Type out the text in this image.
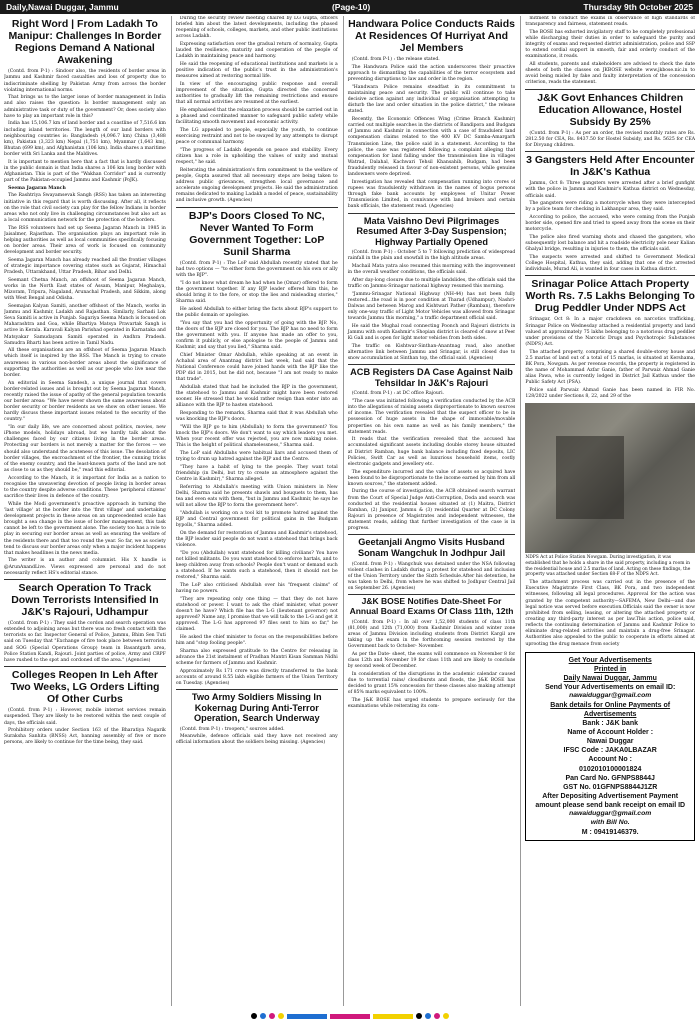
Daily,Nawai Duggar, Jammu	(Page-10)	Thursday 9th October 2025
Right Word | From Ladakh To Manipur: Challenges In Border Regions Demand A National Awakening

(Contd. from P-1) : Sindoor also, the residents of border areas in Jammu and Kashmir faced casualties and loss of property due to indiscriminate shelling by Pakistan Army from across the border violating international norms.

That brings us to the larger issue of border management in India and also raises the question: Is border management only an administrative task or duty of the government? Or, does society also have to play an important role in this?

India has 15,106.7 km of land border and a coastline of 7,516.6 km including island territories. The length of our land borders with neighbouring countries is: Bangladesh (4,096.7 km) China (3,488 km), Pakistan (3,323 km) Nepal (1,751 km), Myanmar (1,643 km), Bhutan (699 km), and Afghanistan (106 km). India shares a maritime border with Sri Lanka and the Maldives.

It is important to mention here that a fact that is hardly discussed in the public domain is that India shares a 106 km long border with Afghanistan. This is part of the "Wakhan Corridor" and is currently part of the Pakistan-occupied Jammu and Kashmir (PoJK).

Seema Jagaran Manch

The Rashtriya Swayamsevak Sangh (RSS) has taken an interesting initiative in this regard that is worth discussing. After all, it reflects on the role that civil society can play for the fellow Indians in border areas who not only live in challenging circumstances but also act as a local communication network for the protection of the borders.

The RSS volunteers had set up Seema Jagaran Manch in 1985 in Jaisalmer, Rajasthan. The organisation plays an important role in helping authorities as well as local communities specifically focusing on border areas. Their area of work is focused on community development and border security.

Seema Jagaran Manch has already reached all the frontier villages of strategic importance covering states such as Gujarat, Himachal Pradesh, Uttarakhand, Uttar Pradesh, Bihar and Delhi.

Seemant Chetna Manch, an offshoot of Seema Jagaran Manch, works in the North East states of Assam, Manipur, Meghalaya, Mizoram, Tripura, Nagaland, Arunachal Pradesh, and Sikkim, along with West Bengal and Odisha.

Seemajan Kalyan Samiti, another offshoot of the Manch, works in Jammu and Kashmir, Ladakh and Rajasthan. Similarly, Sarhadi Lok Seva Samiti is active in Punjab. Sagariya Seema Manch is focused on Maharashtra and Goa, while Bhartiya Matsya Pravartak Sangh is active in Kerala. Karavali Kalyan Parishad operated in Karnataka and Matsyakar Samudayam Samiti operated in Andhra Pradesh. Samudra Bharti has been active in Tamil Nadu.

All these organisations are an offshoot of Seema Jagaran Manch which itself is inspired by the RSS. The Manch is trying to create awareness in various non-border areas about the significance of supporting the authorities as well as our people who live near the border.

An editorial in Seema Sandesh, a unique journal that covers border-related issues and is brought out by Seema Jagaran Manch, recently raised the issue of apathy of the general population towards our border areas: "We have never shown the same awareness about border security or border residents as we show on other issues. We hardly discuss these important issues related to the security of the country."

"In our daily life, we are concerned about politics, movies, new iPhone models, holidays abroad, but we hardly talk about the challenges faced by our citizens living in the border areas. Protecting our borders is not merely a matter for the forces — we should also understand the acuteness of this issue. The desolation of border villages, the encroachment of the frontier, the cunning tricks of the enemy country, and the least-known parts of the land are not as close to us as they should be," read this editorial.

According to the Manch, it is important for India as a nation to recognise the unwavering devotion of people living in border areas to the country despite adverse conditions. These 'peripheral citizens' sacrifice their lives in defence of the country.

While the Modi government's proactive approach in turning the 'last village' at the border into the 'first village' and undertaking development projects in these areas on an unprecedented scale has brought a sea change in the issue of border management, this task cannot be left to the government alone. The society too has a role to play in securing our border areas as well as ensuring the welfare of the residents there and that too round the year. So far, we as society tend to discuss our border areas only when a major incident happens that makes headlines in the news media.

The writer is an author and columnist. His X handle is @ArunAnandLive. Views expressed are personal and do not necessarily reflect HS's editorial stance.

Search Operation To Track Down Terrorists Intensified In J&K's Rajouri, Udhampur

(Contd. from P-1) : They said the cordon and search operation was extended to adjoining areas but there was no fresh contact with the terrorists so far. Inspector General of Police, Jammu, Bhim Sen Tuti said on Tuesday that "Exchange of fire took place between terrorists and SOG (Special Operations Group) team in Basantgarh area, Police Station Kandi, Rajouri. Joint parties of police, Army and CRPF have rushed to the spot and cordoned off the area." (Agencies)

Colleges Reopen In Leh After Two Weeks, LG Orders Lifting Of Other Curbs

(Contd. from P-1) : However, mobile internet services remain suspended. They are likely to be restored within the next couple of days, the officials said.

Prohibitory orders under Section 163 of the Bharatiya Nagarik Suraksha Sanhita (BNSS) Act, banning assembly of five or more persons, are likely to continue for the time being, they said.

During the security review meeting chaired by LG Gupta, officers briefed him about the latest developments, including the phased reopening of schools, colleges, markets, and other public institutions across Ladakh.

Expressing satisfaction over the gradual return of normalcy, Gupta lauded the resilience, maturity and cooperation of the people of Ladakh in maintaining peace and harmony.

He said the reopening of educational institutions and markets is a positive indication of the public's trust in the administration's measures aimed at restoring normal life.

In view of the encouraging public response and overall improvement of the situation, Gupta directed the concerned authorities to gradually lift the remaining restrictions and ensure that all normal activities are resumed at the earliest.

He emphasised that the relaxation process should be carried out in a phased and coordinated manner to safeguard public safety while facilitating smooth movement and economic activity.

The LG appealed to people, especially the youth, to continue exercising restraint and not to be swayed by any attempts to disrupt peace or communal harmony.

"The progress of Ladakh depends on peace and stability. Every citizen has a role in upholding the values of unity and mutual respect," he said.

Reiterating the administration's firm commitment to the welfare of people, Gupta assured that all necessary steps are being taken to address public grievances, strengthen local governance and accelerate ongoing development projects. He said the administration remains dedicated to making Ladakh a model of peace, sustainability and inclusive growth. (Agencies)

BJP's Doors Closed To NC, Never Wanted To Form Government Together: LoP Sunil Sharma

(Contd. from P-1) : The LoP said Abdullah recently stated that he had two options — "to either form the government on his own or ally with the BJP".

"I do not know what dream he had when he (Omar) offered to form the government together. If any BJP leader offered him this, he should bring it to the fore, or stop the lies and misleading stories," Sharma said.

He asked Abdullah to either bring the facts about BJP's support to the public domain or apologise.

"You say that you had the opportunity of going with the BJP. No, the doors of the BJP are closed for you. The BJP has no need to form the government with you. If anyone has made an offer to you, confirm it publicly, or else apologise to the people of Jammu and Kashmir, and say that you lied," Sharma said.

Chief Minister Omar Abdullah, while speaking at an event in Achabal area of Anantnag district last week, had said that the National Conference could have joined hands with the BJP like the PDP did in 2015, but he did not, because "I am not ready to make that trade".

Abdullah stated that had he included the BJP in the government, the statehood to Jammu and Kashmir might have been restored sooner. He stressed that he would rather resign than enter into an alliance with the BJP to hasten statehood.

Responding to the remarks, Sharma said that it was Abdullah who was knocking the BJP's doors.

"Will the BJP go to him (Abdullah) to form the government? You knock the BJP's doors. We don't want to say which leaders you met. When your recent offer was rejected, you are now making noise. This is the height of political shamelessness," Sharma said.

The LoP said Abdullahs were habitual liars and accused them of trying to drum up hatred against the BJP and the Centre.

"They have a habit of lying to the people. They want total friendship (in Delhi, but try to create an atmosphere against the Centre in Kashmir)," Sharma alleged.

Referring to Abdullah's meeting with Union ministers in New Delhi, Sharma said he presents shawls and bouquets to them, has tea and even eats with them, "but in Jammu and Kashmir, he says he will not allow the BJP to form the government here".

"Abdullah is working on a tool kit to promote hatred against the BJP and Central government for political gains in the Budgam bypolls," Sharma added.

On the demand for restoration of Jammu and Kashmir's statehood, the BJP leader said people do not want a statehood that brings back violence.

"Do you (Abdullah) want statehood for killing civilians? You have not killed militants. Do you want statehood to enforce hartals, and to keep children away from schools? People don't want or demand such a statehood. If he wants such a statehood, then it should not be restored," Sharma said.

The LoP also criticised Abdullah over his "frequent claims" of having no powers.

"They are repeating only one thing — that they do not have statehood or power. I want to ask the chief minister, what power doesn't he have? Which file has the L-G (lieutenant governor) not approved? Name any, I promise that we will talk to the L-G and get it approved. The L-G has approved 97 files sent to him so far," he claimed.

He asked the chief minister to focus on the responsibilities before him and "stop fooling people".

Sharma also expressed gratitude to the Centre for releasing in advance the 21st instalment of Pradhan Mantri Kisan Samman Nidhi scheme for farmers of Jammu and Kashmir.

Approximately Rs 171 crore was directly transferred to the bank accounts of around 8.55 lakh eligible farmers of the Union Territory on Tuesday. (Agencies)

Two Army Soldiers Missing In Kokernag During Anti-Terror Operation, Search Underway

(Contd. from P-1) : troopers," sources added.

Meanwhile, defence officials said they have not received any official information about the soldiers being missing. (Agencies)

Handwara Police Conducts Raids At Residences Of Hurriyat And Jel Members

(Contd. from P-1) : the release stated.

The Handwara Police said the action underscores their proactive approach to dismantling the capabilities of the terror ecosystem and preventing disruptions to law and order in the region.

"Handwara Police remains steadfast in its commitment to maintaining peace and security. The public will continue to take decisive action against any individual or organisation attempting to disturb the law and order situation in the police district," the release stated.

Recently, the Economic Offences Wing (Crime Branch Kashmir) carried out multiple searches in the districts of Bandipora and Budgam of Jammu and Kashmir in connection with a case of fraudulent land compensation claims related to the 400 KV DC Samba-Amargarh Transmission Line, the police said in a statement. According to the police, the case was registered following a complaint alleging that compensation for land falling under the transmission line in villages Watrad, Dalahal, Kachwari Tehsil Khansahib, Budgam, had been fraudulently released in favour of non-existent persons, while genuine landowners were deprived.

Investigation has revealed that compensation running into crores of rupees was fraudulently withdrawn in the names of bogus persons through fake bank accounts by employees of Unitar Power Transmission Limited, in connivance with land brokers and certain bank officials, the statement read. (Agencies)

Mata Vaishno Devi Pilgrimages Resumed After 3-Day Suspension; Highway Partially Opened

(Contd. from P-1) : October 5 to 7 following prediction of widespread rainfall in the plain and snowfall in the high altitude areas.

Machail Mata yatra also resumed this morning with the improvement in the overall weather conditions, the officials said.

After day-long closure due to multiple landslides, the officials said the traffic on Jammu-Srinagar national highway resumed this morning.

"Jammu-Srinagar National Highway (NH-44) has not been fully restored...the road is in poor condition at Tharad (Udhampur), Nashri-Dalwas and between Marog and Kishtwari Pather (Ramban), therefore only one-way traffic of Light Motor Vehicles was allowed from Srinagar towards Jammu this morning," a traffic department official said.

He said the Mughal road connecting Poonch and Rajouri districts in Jammu with south Kashmir's Shopian district is cleared of snow at Peer Ki Gali and is open for light motor vehicles from both sides.

The traffic on Kishtwar-Sinthan-Anantnag road, also another alternative link between Jammu and Srinagar, is still closed due to snow accumulation at Sinthan top, the official said. (Agencies)

ACB Registers DA Case Against Naib Tehsildar In J&K's Rajouri

(Contd. from P-1) : at DC office Rajouri.

"The case was initiated following a verification conducted by the ACB into the allegations of raising assets disproportionate to known sources of income. The verification revealed that the suspect officer to be in possession of huge assets in the shape of immovable/movable properties on his own name as well as his family members," the statement reads.

It reads that the verification revealed that the accused has accumulated significant assets including double storey house situated at District Ramban, huge bank balance including fixed deposits, LIC Policies, Swift Car as well as luxurious household items, costly electronic gadgets and jewellery etc.

The expenditure incurred and the value of assets so acquired have been found to be disproportionate to the income earned by him from all known sources," the statement added.

During the course of investigation, the ACB obtained search warrant from the Court of Special Judge Anti-Corruption, Doda and search was conducted at the residential houses situated at (1) Maitra, District Ramban, (2) Janipur, Jammu & (3) residential Quarter at DC Colony Rajouri in presence of Magistrates and independent witnesses, the statement reads, adding that further investigation of the case is in progress.

Geetanjali Angmo Visits Husband Sonam Wangchuk In Jodhpur Jail

(Contd. from P-1) : Wangchuk was detained under the NSA following violent clashes in Ladakh during a protest for statehood and inclusion of the Union Territory under the Sixth Schedule.After his detention, he was taken to Delhi, from where he was shifted to Jodhpur Central Jail on September 26. (Agencies)

J&K BOSE Notifies Date-Sheet For Annual Board Exams Of Class 11th, 12th

(Contd. from P-1) : In all over 1,52,000 students of class 11th (81,000) and 12th (71,000) from Kashmir Division and winter zone areas of Jammu Division including students from District Kargil are taking up the exam in the forthcoming session restored by the Government back to October- November.

As per the Date- sheet, the exams will commence on November 8 for class 12th and November 19 for class 11th and are likely to conclude by second week of December.

In consideration of the disruptions in the academic calendar caused due to torrential rains/ cloudbursts and floods, the J&K BOSE has decided to grant 15% concession for these classes also making attempt of 85% marks equivalent to 100%.

The J&K BOSE has urged students to prepare seriously for the examinations while reiterating its com-

mitment to conduct the exams in observance of high standards of transparency and fairness, statement reads.

The BOSE has exhorted invigilatory staff to be completely professional while discharging their duties in order to safeguard the purity and integrity of exams and requested district administration, police and SSP to extend cordial support in smooth, fair and orderly conduct of the examinations, it reads.

All students, parents and stakeholders are advised to check the date sheets of both the classes on JKBOSE website www.jkbose.nic.in to avoid being misled by fake and faulty interpretation of the concession criterion, reads the statement.

J&K Govt Enhances Children Education Allowance, Hostel Subsidy By 25%

(Contd. from P-1) : As per an order, the revised monthly rates are Rs. 2812.50 for CEA, Rs. 8437.50 for Hostel Subsidy, and Rs. 5625 for CEA for Divyang children.

3 Gangsters Held After Encounter In J&K's Kathua

Jammu, Oct 8: Three gangsters were arrested after a brief gunfight with the police in Jammu and Kashmir's Kathua district on Wednesday, officials said.

The gangsters were riding a motorcycle when they were intercepted by a police team for checking in Lakhanpur area, they said.

According to police, the accused, who were coming from the Punjab border side, opened fire and tried to speed away from the scene on their motorcycle.

The police also fired warning shots and chased the gangsters, who subsequently lost balance and hit a roadside electricity pole near Kalian Ghalyal bridge, resulting in injuries to them, the officials said.

The suspects were arrested and shifted to Government Medical College Hospital, Kathua, they said, adding that one of the arrested individuals, Murad Ali, is wanted in four cases in Kathua district.

Srinagar Police Attach Property Worth Rs. 7.5 Lakhs Belonging To Drug Peddler Under NDPS Act

Srinagar, Oct 8: In a major crackdown on narcotics trafficking, Srinagar Police on Wednesday attached a residential property and land valued at approximately 75 lakhs belonging to a notorious drug peddler under provisions of the Narcotic Drugs and Psychotropic Substances (NDPS) Act.

The attached property, comprising a shared double-storey house and 2.5 marlas of land out of a total of 15 marlas, is situated at Kershama, BK Pora, Nowgam. As per revenue records, the property is registered in the name of Mohammad Azfar Ganie, father of Parwaiz Ahmad Ganie alias Pawa, who is currently lodged in District Jail Kathua under the Public Safety Act (PSA).

Police said Parwaiz Ahmad Ganie has been named in FIR No. 128/2022 under Sections 8, 22, and 29 of the

NDPS Act at Police Station Nowgam. During investigation, it was established that he holds a share in the said property, including a room in the residential house and 2.5 marlas of land. Acting on these findings, the property was attached under Section 68-F of the NDPS Act.

The attachment process was carried out in the presence of the Executive Magistrate First Class, BK Pora, and two independent witnesses, following all legal procedures. Approval for the action was granted by the competent authority—SAFEMA, New Delhi—and due legal notice was served before execution.Officials said the owner is now prohibited from selling, leasing, or altering the attached property or creating any third-party interest as per law.This action, police said, reflects the continuing determination of Jammu and Kashmir Police to eliminate drug-related activities and maintain a drug-free Srinagar. Authorities also appealed to the public to cooperate in efforts aimed at uprooting the drug menace from society

Get Your Advertisements
Printed in
Daily Nawai Duggar, Jammu
Send Your Advertisements on email ID:
nawaiduggar@gmail.com
Bank details for Online Payments of Advertisements
Bank : J&K bank
Name of Account Holder :
Nawai Duggar
IFSC Code : JAKA0LBAZAR
Account No :
0102010100001824
Pan Card No. GFNPS8844J
GST No. 01GFNPS8844J1ZR
After Depositing Advertisement Payment amount please send bank receipt on email ID
nawaiduggar@gmail.com
with Bill No.
M : 09419146379.
